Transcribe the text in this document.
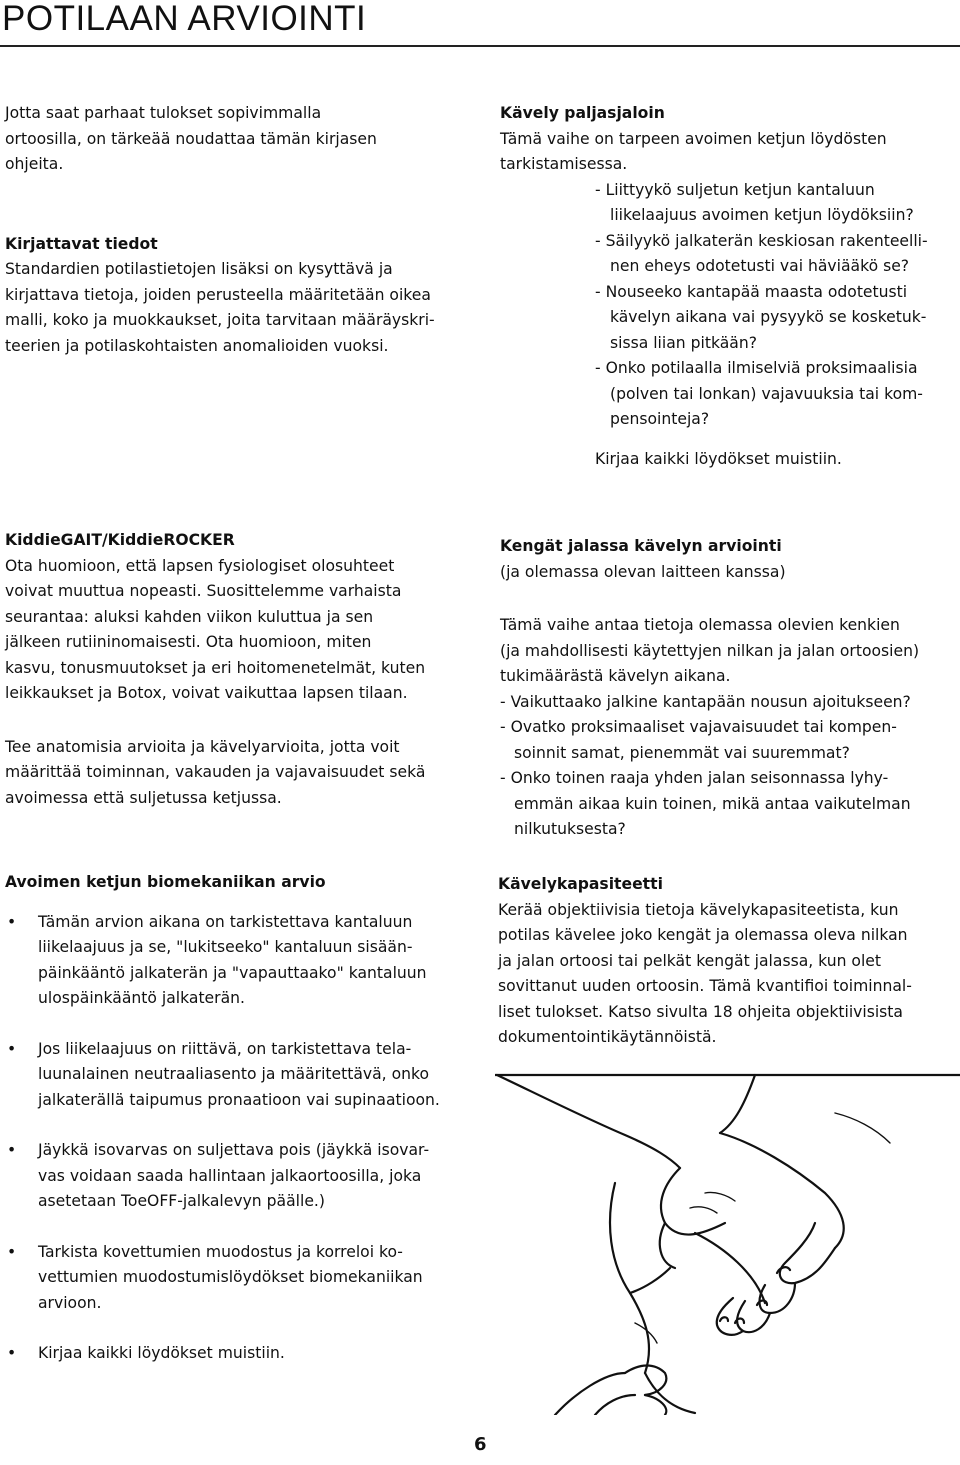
POTILAAN ARVIOINTI

Jotta saat parhaat tulokset sopivimmalla

ortoosilla, on tärkeää noudattaa tämän kirjasen

ohjeita.

Kirjattavat tiedot

Standardien potilastietojen lisäksi on kysyttävä ja

kirjattava tietoja, joiden perusteella määritetään oikea

malli, koko ja muokkaukset, joita tarvitaan määräyskri-

teerien ja potilaskohtaisten anomalioiden vuoksi.

Kävely paljasjaloin

Tämä vaihe on tarpeen avoimen ketjun löydösten

tarkistamisessa.

- Liittyykö suljetun ketjun kantaluun

liikelaajuus avoimen ketjun löydöksiin?

- Säilyykö jalkaterän keskiosan rakenteelli-

nen eheys odotetusti vai häviääkö se?

- Nouseeko kantapää maasta odotetusti

kävelyn aikana vai pysyykö se kosketuk-

sissa liian pitkään?

- Onko potilaalla ilmiselviä proksimaalisia

(polven tai lonkan) vajavuuksia tai kom-

pensointeja?

Kirjaa kaikki löydökset muistiin.

KiddieGAIT/KiddieROCKER

Ota huomioon, että lapsen fysiologiset olosuhteet

voivat muuttua nopeasti. Suosittelemme varhaista

seurantaa: aluksi kahden viikon kuluttua ja sen

jälkeen rutiininomaisesti. Ota huomioon, miten

kasvu, tonusmuutokset ja eri hoitomenetelmät, kuten

leikkaukset ja Botox, voivat vaikuttaa lapsen tilaan.

Tee anatomisia arvioita ja kävelyarvioita, jotta voit

määrittää toiminnan, vakauden ja vajavaisuudet sekä

avoimessa että suljetussa ketjussa.

Kengät jalassa kävelyn arviointi

(ja olemassa olevan laitteen kanssa)

Tämä vaihe antaa tietoja olemassa olevien kenkien

(ja mahdollisesti käytettyjen nilkan ja jalan ortoosien)

tukimäärästä kävelyn aikana.

- Vaikuttaako jalkine kantapään nousun ajoitukseen?

- Ovatko proksimaaliset vajavaisuudet tai kompen-

soinnit samat, pienemmät vai suuremmat?

- Onko toinen raaja yhden jalan seisonnassa lyhy-

emmän aikaa kuin toinen, mikä antaa vaikutelman

nilkutuksesta?

Avoimen ketjun biomekaniikan arvio

• Tämän arvion aikana on tarkistettava kantaluun

liikelaajuus ja se, "lukitseeko" kantaluun sisään-

päinkääntö jalkaterän ja "vapauttaako" kantaluun

ulospäinkääntö jalkaterän.

• Jos liikelaajuus on riittävä, on tarkistettava tela-

luunalainen neutraaliasento ja määritettävä, onko

jalkaterällä taipumus pronaatioon vai supinaatioon.

• Jäykkä isovarvas on suljettava pois (jäykkä isovar-

vas voidaan saada hallintaan jalkaortoosilla, joka

asetetaan ToeOFF-jalkalevyn päälle.)

• Tarkista kovettumien muodostus ja korreloi ko-

vettumien muodostumislöydökset biomekaniikan

arvioon.

• Kirjaa kaikki löydökset muistiin.

Kävelykapasiteetti

Kerää objektiivisia tietoja kävelykapasiteetista, kun

potilas kävelee joko kengät ja olemassa oleva nilkan

ja jalan ortoosi tai pelkät kengät jalassa, kun olet

sovittanut uuden ortoosin. Tämä kvantifioi toiminnal-

liset tulokset. Katso sivulta 18 ohjeita objektiivisista

dokumentointikäytännöistä.

6
